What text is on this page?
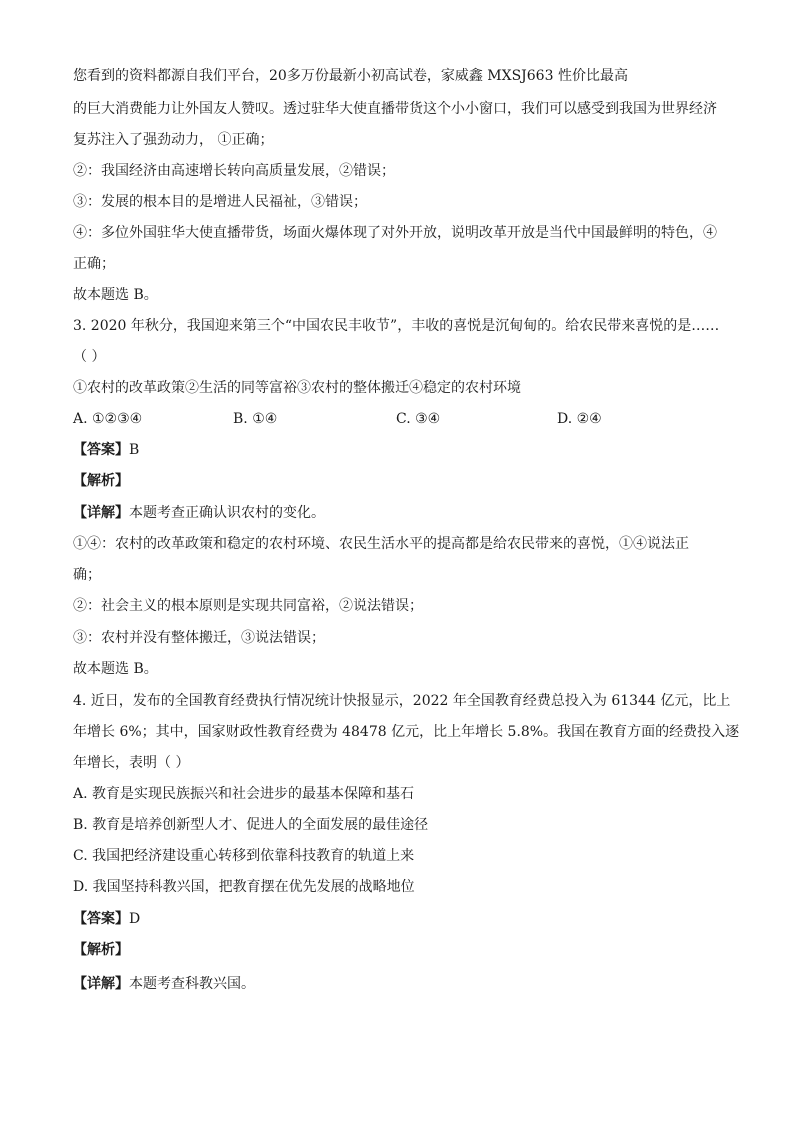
您看到的资料都源自我们平台，20多万份最新小初高试卷，家威鑫 MXSJ663 性价比最高
的巨大消费能力让外国友人赞叹。透过驻华大使直播带货这个小小窗口，我们可以感受到我国为世界经济
复苏注入了强劲动力， ①正确；
②：我国经济由高速增长转向高质量发展，②错误；
③：发展的根本目的是增进人民福祉，③错误；
④：多位外国驻华大使直播带货，场面火爆体现了对外开放，说明改革开放是当代中国最鲜明的特色，④
正确；
故本题选 B。
3. 2020 年秋分，我国迎来第三个“中国农民丰收节”，丰收的喜悦是沉甸甸的。给农民带来喜悦的是……
（ ）
①农村的改革政策②生活的同等富裕③农村的整体搬迁④稳定的农村环境
A. ①②③④	B. ①④	C. ③④	D. ②④
【答案】B
【解析】
【详解】本题考查正确认识农村的变化。
①④：农村的改革政策和稳定的农村环境、农民生活水平的提高都是给农民带来的喜悦，①④说法正
确；
②：社会主义的根本原则是实现共同富裕，②说法错误；
③：农村并没有整体搬迁，③说法错误；
故本题选 B。
4. 近日，发布的全国教育经费执行情况统计快报显示，2022 年全国教育经费总投入为 61344 亿元，比上
年增长 6%；其中，国家财政性教育经费为 48478 亿元，比上年增长 5.8%。我国在教育方面的经费投入逐
年增长，表明（ ）
A. 教育是实现民族振兴和社会进步的最基本保障和基石
B. 教育是培养创新型人才、促进人的全面发展的最佳途径
C. 我国把经济建设重心转移到依靠科技教育的轨道上来
D. 我国坚持科教兴国，把教育摆在优先发展的战略地位
【答案】D
【解析】
【详解】本题考查科教兴国。
